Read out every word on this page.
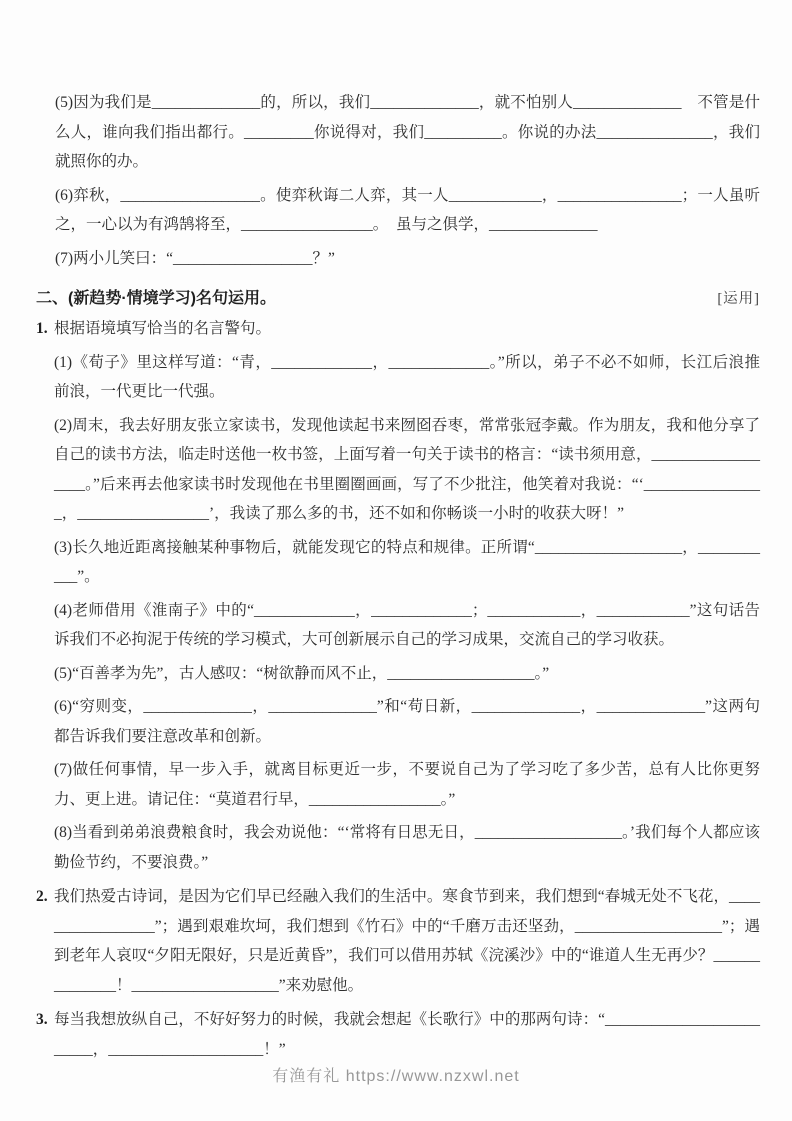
(5)因为我们是______________的，所以，我们______________，就不怕别人______________　不管是什么人，谁向我们指出都行。_________你说得对，我们__________。你说的办法_______________，我们就照你的办。

(6)弈秋，__________________。使弈秋诲二人弈，其一人____________，________________；一人虽听之，一心以为有鸿鹄将至，_________________。　虽与之俱学，______________

(7)两小儿笑曰：“__________________？”

二、(新趋势·情境学习)名句运用。	[运用]
1. 根据语境填写恰当的名言警句。

(1)《荀子》里这样写道：“青，_____________，_____________。”所以，弟子不必不如师，长江后浪推前浪，一代更比一代强。

(2)周末，我去好朋友张立家读书，发现他读起书来囫囵吞枣，常常张冠李戴。作为朋友，我和他分享了自己的读书方法，临走时送他一枚书签，上面写着一句关于读书的格言：“读书须用意，__________________。”后来再去他家读书时发现他在书里圈圈画画，写了不少批注，他笑着对我说：“‘________________，_________________’，我读了那么多的书，还不如和你畅谈一小时的收获大呀！”

(3)长久地近距离接触某种事物后，就能发现它的特点和规律。正所谓“___________________，___________”。

(4)老师借用《淮南子》中的“_____________，_____________；____________，____________”这句话告诉我们不必拘泥于传统的学习模式，大可创新展示自己的学习成果，交流自己的学习收获。

(5)“百善孝为先”，古人感叹：“树欲静而风不止，___________________。”

(6)“穷则变，______________，______________”和“苟日新，______________，______________”这两句都告诉我们要注意改革和创新。

(7)做任何事情，早一步入手，就离目标更近一步，不要说自己为了学习吃了多少苦，总有人比你更努力、更上进。请记住：“莫道君行早，_________________。”

(8)当看到弟弟浪费粮食时，我会劝说他：“‘常将有日思无日，___________________。’我们每个人都应该勤俭节约，不要浪费。”

2. 我们热爱古诗词，是因为它们早已经融入我们的生活中。寒食节到来，我们想到“春城无处不飞花，_________________”；遇到艰难坎坷，我们想到《竹石》中的“千磨万击还坚劲，___________________”；遇到老年人哀叹“夕阳无限好，只是近黄昏”，我们可以借用苏轼《浣溪沙》中的“谁道人生无再少？______________！___________________”来劝慰他。

3. 每当我想放纵自己，不好好努力的时候，我就会想起《长歌行》中的那两句诗：“_________________________，____________________！”

有渔有礼 https://www.nzxwl.net
